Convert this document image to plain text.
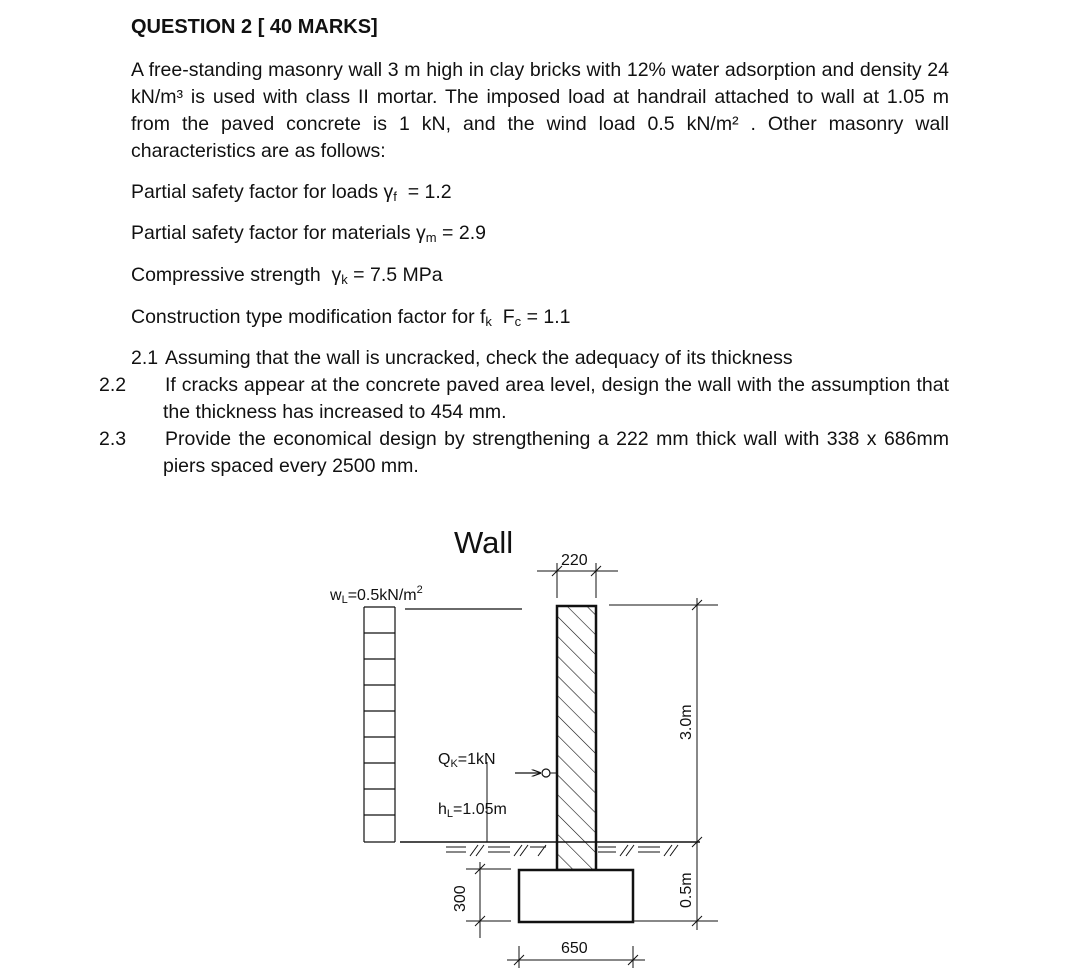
QUESTION 2 [ 40 MARKS]
A free-standing masonry wall 3 m high in clay bricks with 12% water adsorption and density 24 kN/m³ is used with class II mortar. The imposed load at handrail attached to wall at 1.05 m from the paved concrete is 1 kN, and the wind load 0.5 kN/m² . Other masonry wall characteristics are as follows:
Partial safety factor for loads γf  = 1.2
Partial safety factor for materials γm = 2.9
Compressive strength  γk = 7.5 MPa
Construction type modification factor for fk  Fc = 1.1
2.1 Assuming that the wall is uncracked, check the adequacy of its thickness
2.2 If cracks appear at the concrete paved area level, design the wall with the assumption that the thickness has increased to 454 mm.
2.3 Provide the economical design by strengthening a 222 mm thick wall with 338 x 686mm piers spaced every 2500 mm.
Wall
$wL=0.5kN/m^2$
220
3.0m
0.5m
300
650
QK=1kN
hL=1.05m
